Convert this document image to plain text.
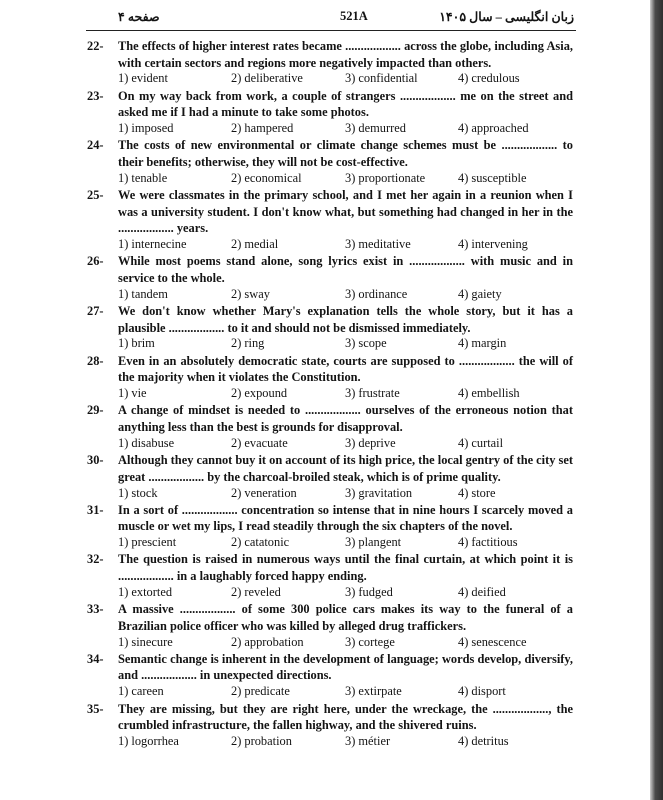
صفحه ۴	521A	زبان انگلیسی – سال ۱۴۰۵
22- The effects of higher interest rates became .................. across the globe, including Asia, with certain sectors and regions more negatively impacted than others.
1) evident	2) deliberative	3) confidential	4) credulous
23- On my way back from work, a couple of strangers .................. me on the street and asked me if I had a minute to take some photos.
1) imposed	2) hampered	3) demurred	4) approached
24- The costs of new environmental or climate change schemes must be .................. to their benefits; otherwise, they will not be cost-effective.
1) tenable	2) economical	3) proportionate	4) susceptible
25- We were classmates in the primary school, and I met her again in a reunion when I was a university student. I don't know what, but something had changed in her in the .................. years.
1) internecine	2) medial	3) meditative	4) intervening
26- While most poems stand alone, song lyrics exist in .................. with music and in service to the whole.
1) tandem	2) sway	3) ordinance	4) gaiety
27- We don't know whether Mary's explanation tells the whole story, but it has a plausible .................. to it and should not be dismissed immediately.
1) brim	2) ring	3) scope	4) margin
28- Even in an absolutely democratic state, courts are supposed to .................. the will of the majority when it violates the Constitution.
1) vie	2) expound	3) frustrate	4) embellish
29- A change of mindset is needed to .................. ourselves of the erroneous notion that anything less than the best is grounds for disapproval.
1) disabuse	2) evacuate	3) deprive	4) curtail
30- Although they cannot buy it on account of its high price, the local gentry of the city set great .................. by the charcoal-broiled steak, which is of prime quality.
1) stock	2) veneration	3) gravitation	4) store
31- In a sort of .................. concentration so intense that in nine hours I scarcely moved a muscle or wet my lips, I read steadily through the six chapters of the novel.
1) prescient	2) catatonic	3) plangent	4) factitious
32- The question is raised in numerous ways until the final curtain, at which point it is .................. in a laughably forced happy ending.
1) extorted	2) reveled	3) fudged	4) deified
33- A massive .................. of some 300 police cars makes its way to the funeral of a Brazilian police officer who was killed by alleged drug traffickers.
1) sinecure	2) approbation	3) cortege	4) senescence
34- Semantic change is inherent in the development of language; words develop, diversify, and .................. in unexpected directions.
1) careen	2) predicate	3) extirpate	4) disport
35- They are missing, but they are right here, under the wreckage, the .................., the crumbled infrastructure, the fallen highway, and the shivered ruins.
1) logorrhea	2) probation	3) métier	4) detritus
